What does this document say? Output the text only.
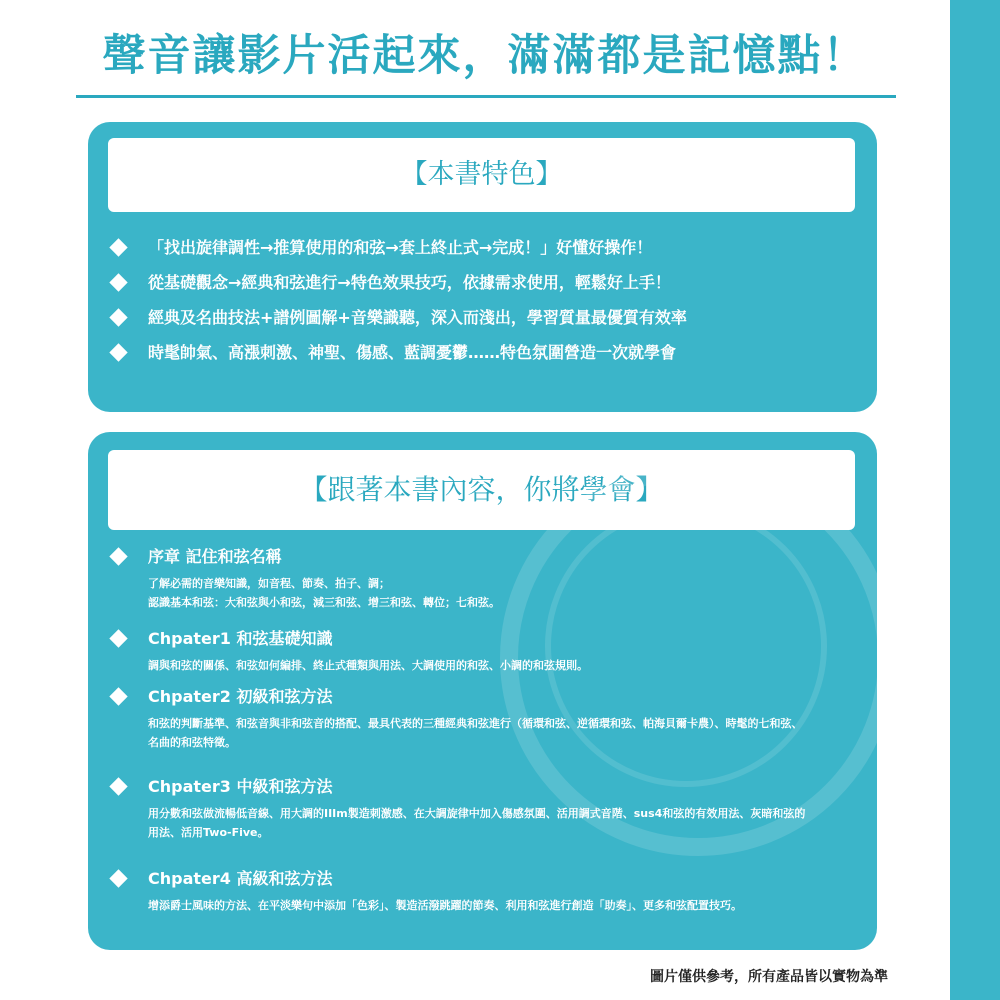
聲音讓影片活起來，滿滿都是記憶點！
【本書特色】
「找出旋律調性→推算使用的和弦→套上終止式→完成！」好懂好操作！
從基礎觀念→經典和弦進行→特色效果技巧，依據需求使用，輕鬆好上手！
經典及名曲技法+譜例圖解+音樂識聽，深入而淺出，學習質量最優質有效率
時髦帥氣、高漲刺激、神聖、傷感、藍調憂鬱……特色氛圍營造一次就學會
【跟著本書內容，你將學會】
序章 記住和弦名稱
了解必需的音樂知識，如音程、節奏、拍子、調；
認識基本和弦：大和弦與小和弦，減三和弦、增三和弦、轉位；七和弦。
Chpater1 和弦基礎知識
調與和弦的關係、和弦如何編排、終止式種類與用法、大調使用的和弦、小調的和弦規則。
Chpater2 初級和弦方法
和弦的判斷基準、和弦音與非和弦音的搭配、最具代表的三種經典和弦進行（循環和弦、逆循環和弦、帕海貝爾卡農）、時髦的七和弦、名曲的和弦特徵。
Chpater3 中級和弦方法
用分數和弦做流暢低音線、用大調的IIIm製造刺激感、在大調旋律中加入傷感氛圍、活用調式音階、sus4和弦的有效用法、灰暗和弦的用法、活用Two-Five。
Chpater4 高級和弦方法
增添爵士風味的方法、在平淡樂句中添加「色彩」、製造活潑跳躍的節奏、利用和弦進行創造「助奏」、更多和弦配置技巧。
圖片僅供參考，所有產品皆以實物為準
